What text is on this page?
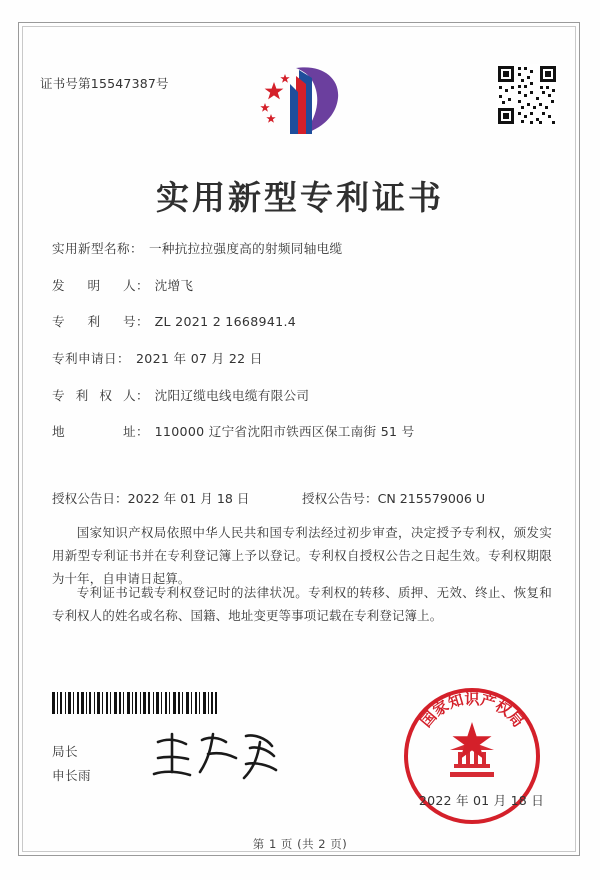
证书号第15547387号
实用新型专利证书
实用新型名称： 一种抗拉拉强度高的射频同轴电缆
发明人 ： 沈增飞
专利号 ： ZL 2021 2 1668941.4
专利申请日： 2021 年 07 月 22 日
专利权人 ： 沈阳辽缆电线电缆有限公司
地址 ： 110000 辽宁省沈阳市铁西区保工南街 51 号
授权公告日：2022 年 01 月 18 日	授权公告号：CN 215579006 U
国家知识产权局依照中华人民共和国专利法经过初步审查，决定授予专利权，颁发实用新型专利证书并在专利登记簿上予以登记。专利权自授权公告之日起生效。专利权期限为十年，自申请日起算。
专利证书记载专利权登记时的法律状况。专利权的转移、质押、无效、终止、恢复和专利权人的姓名或名称、国籍、地址变更等事项记载在专利登记簿上。
国家知识产权局
局长
申长雨
2022 年 01 月 18 日
第 1 页 (共 2 页)
